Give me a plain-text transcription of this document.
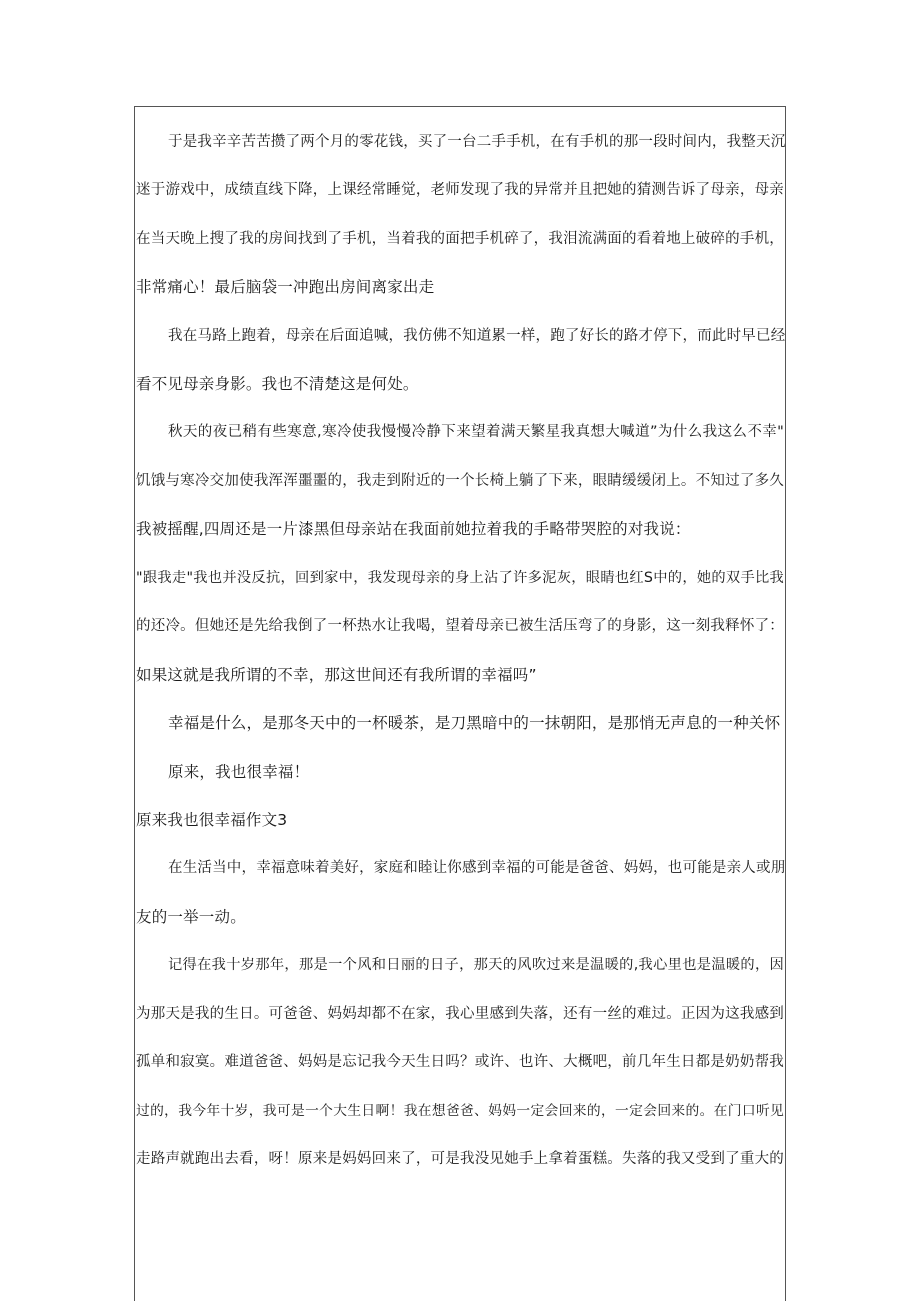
于是我辛辛苦苦攒了两个月的零花钱，买了一台二手手机，在有手机的那一段时间内，我整天沉
迷于游戏中，成绩直线下降，上课经常睡觉，老师发现了我的异常并且把她的猜测告诉了母亲，母亲
在当天晚上搜了我的房间找到了手机，当着我的面把手机碎了，我泪流满面的看着地上破碎的手机，
非常痛心！最后脑袋一冲跑出房间离家出走
我在马路上跑着，母亲在后面追喊，我仿佛不知道累一样，跑了好长的路才停下，而此时早已经
看不见母亲身影。我也不清楚这是何处。
秋天的夜已稍有些寒意,寒冷使我慢慢冷静下来望着满天繁星我真想大喊道”为什么我这么不幸"
饥饿与寒冷交加使我浑浑噩噩的，我走到附近的一个长椅上躺了下来，眼睛缓缓闭上。不知过了多久
我被摇醒,四周还是一片漆黑但母亲站在我面前她拉着我的手略带哭腔的对我说：
"跟我走"我也并没反抗，回到家中，我发现母亲的身上沾了许多泥灰，眼睛也红S中的，她的双手比我
的还冷。但她还是先给我倒了一杯热水让我喝，望着母亲已被生活压弯了的身影，这一刻我释怀了：
如果这就是我所谓的不幸，那这世间还有我所谓的幸福吗”
幸福是什么，是那冬天中的一杯暖茶，是刀黑暗中的一抹朝阳，是那悄无声息的一种关怀
原来，我也很幸福！
原来我也很幸福作文3
在生活当中，幸福意味着美好，家庭和睦让你感到幸福的可能是爸爸、妈妈，也可能是亲人或朋
友的一举一动。
记得在我十岁那年，那是一个风和日丽的日子，那天的风吹过来是温暖的,我心里也是温暖的，因
为那天是我的生日。可爸爸、妈妈却都不在家，我心里感到失落，还有一丝的难过。正因为这我感到
孤单和寂寞。难道爸爸、妈妈是忘记我今天生日吗？或许、也许、大概吧，前几年生日都是奶奶帮我
过的，我今年十岁，我可是一个大生日啊！我在想爸爸、妈妈一定会回来的，一定会回来的。在门口听见
走路声就跑出去看，呀！原来是妈妈回来了，可是我没见她手上拿着蛋糕。失落的我又受到了重大的
